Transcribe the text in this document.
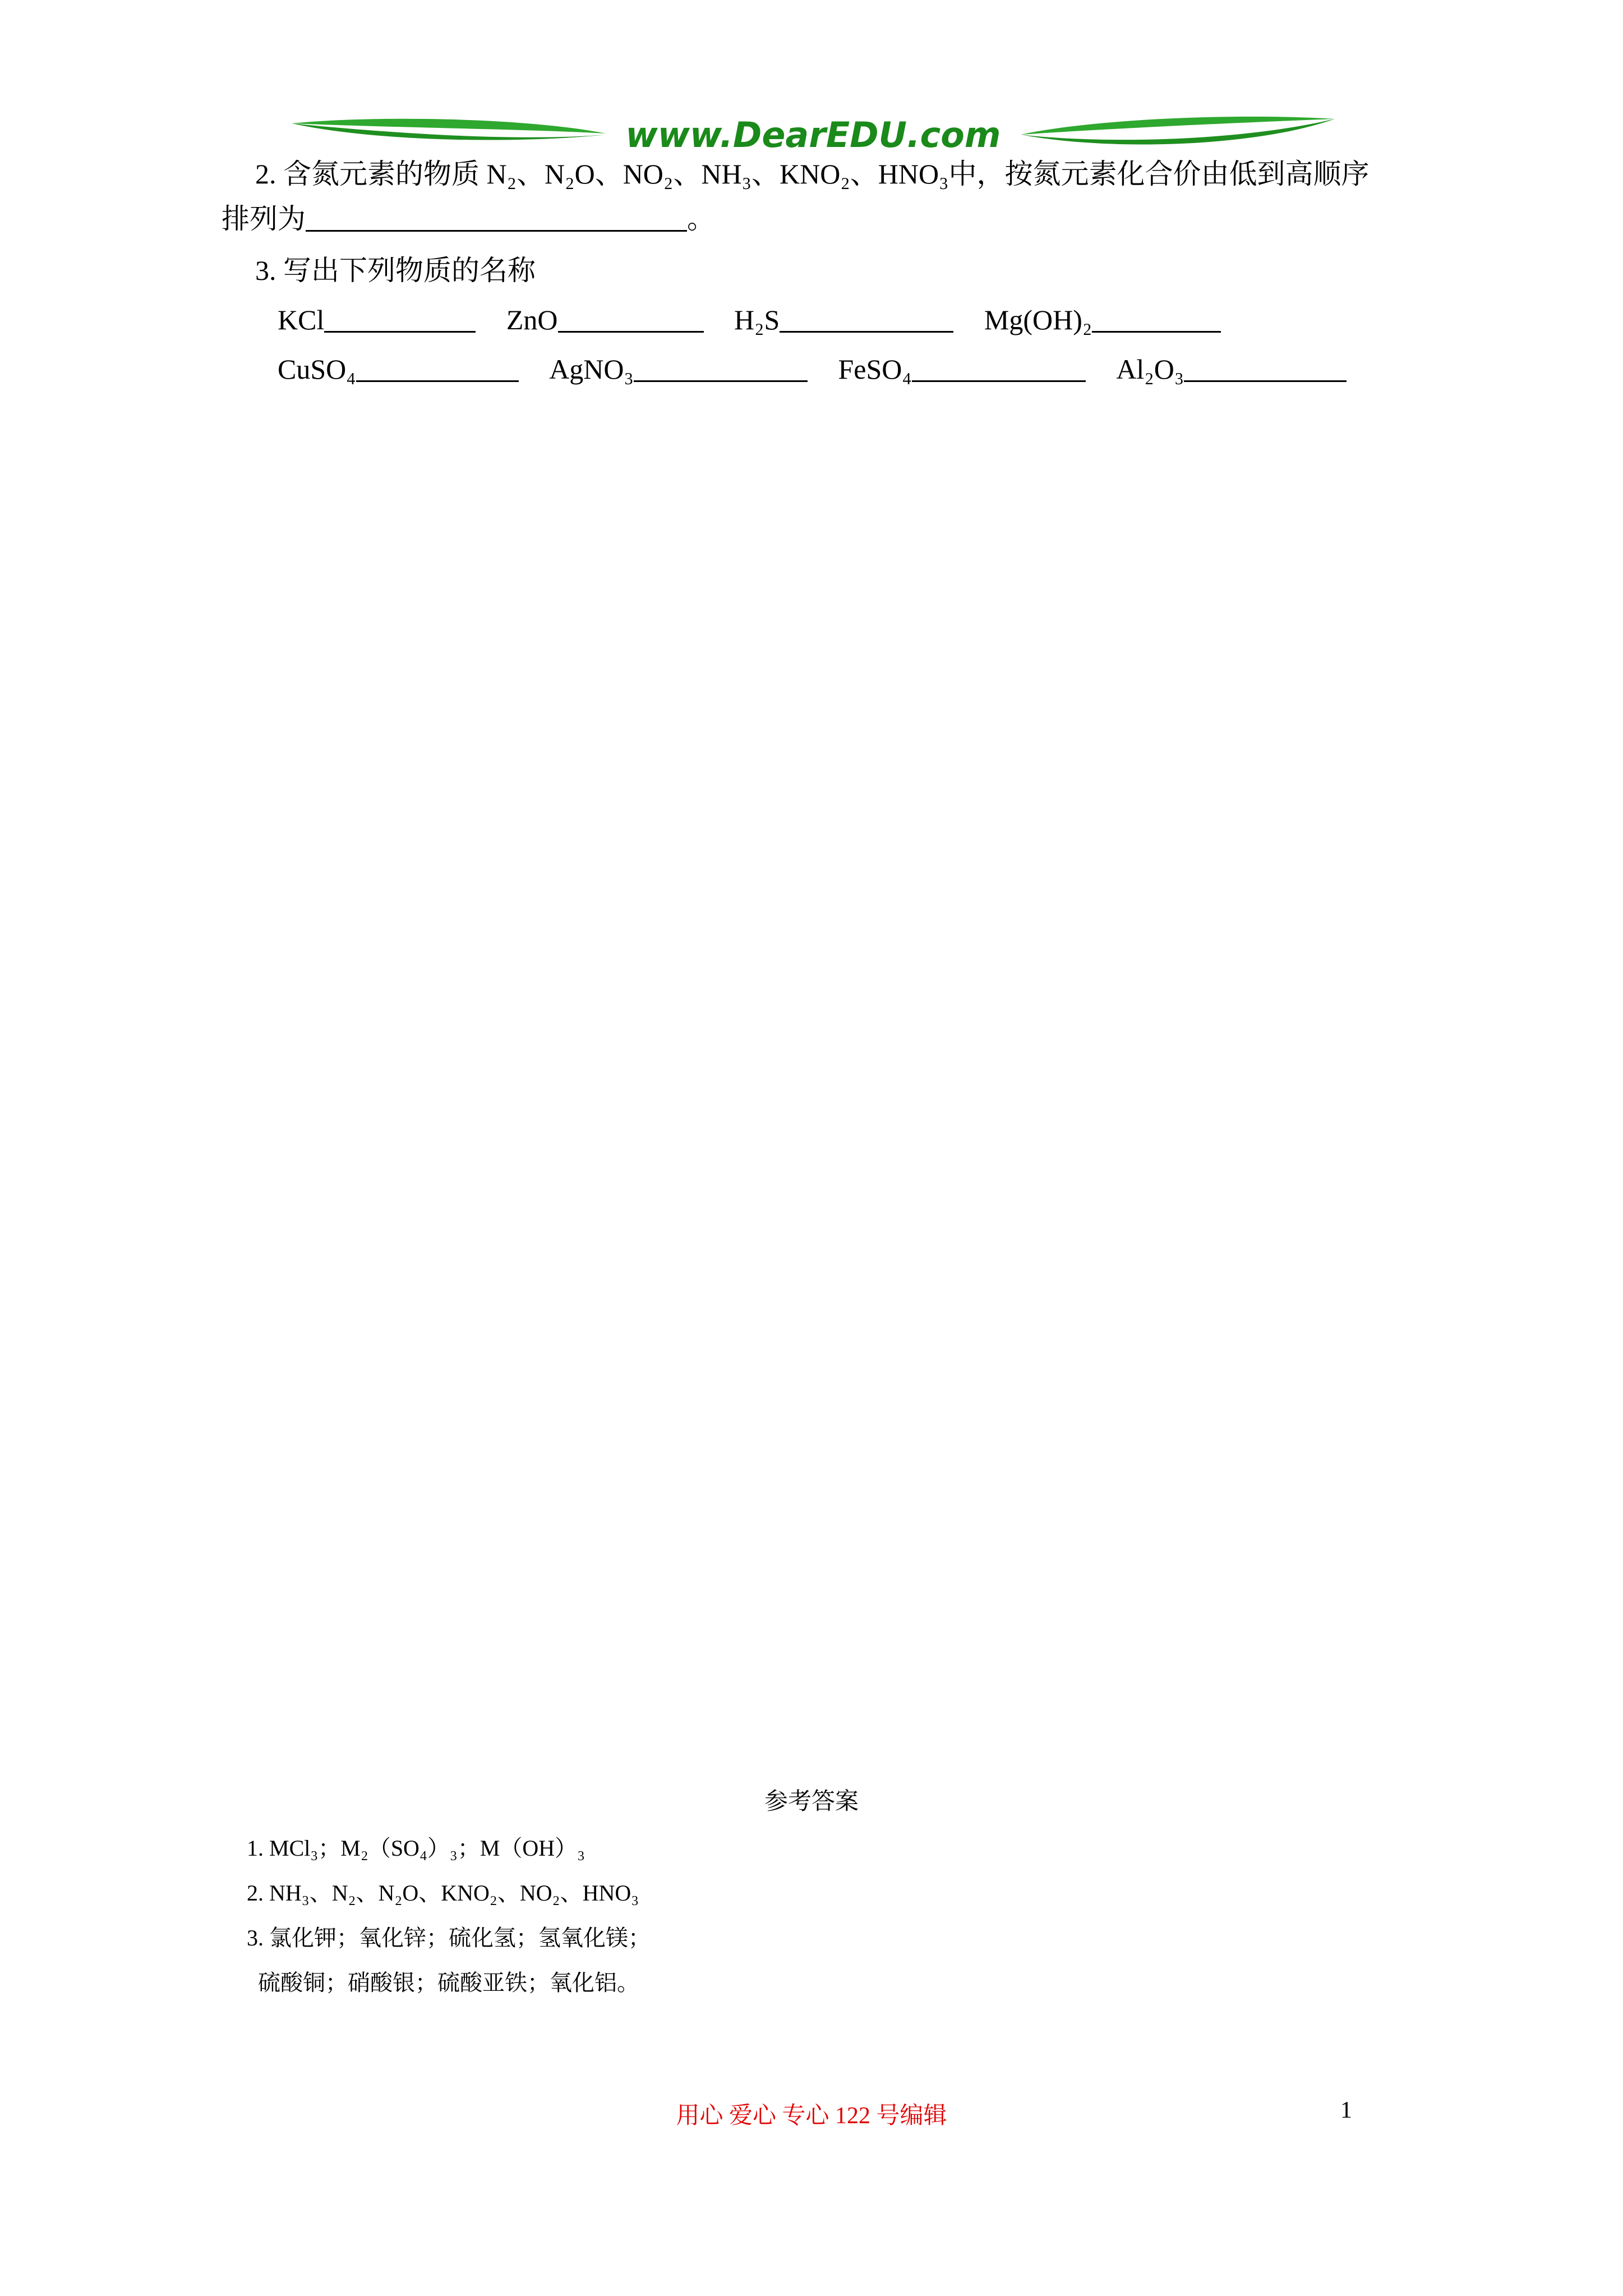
www.DearEDU.com
2. 含氮元素的物质 N₂、N₂O、NO₂、NH₃、KNO₂、HNO₃中，按氮元素化合价由低到高顺序
排列为	。
3. 写出下列物质的名称
KCl	ZnO	H₂S	Mg(OH)₂
CuSO₄	AgNO₃	FeSO₄	Al₂O₃
参考答案
1. MCl₃；M₂（SO₄）₃；M（OH）₃
2. NH₃、N₂、N₂O、KNO₂、NO₂、HNO₃
3. 氯化钾；氧化锌；硫化氢；氢氧化镁；
硫酸铜；硝酸银；硫酸亚铁；氧化铝。
用心 爱心 专心 122 号编辑	1
